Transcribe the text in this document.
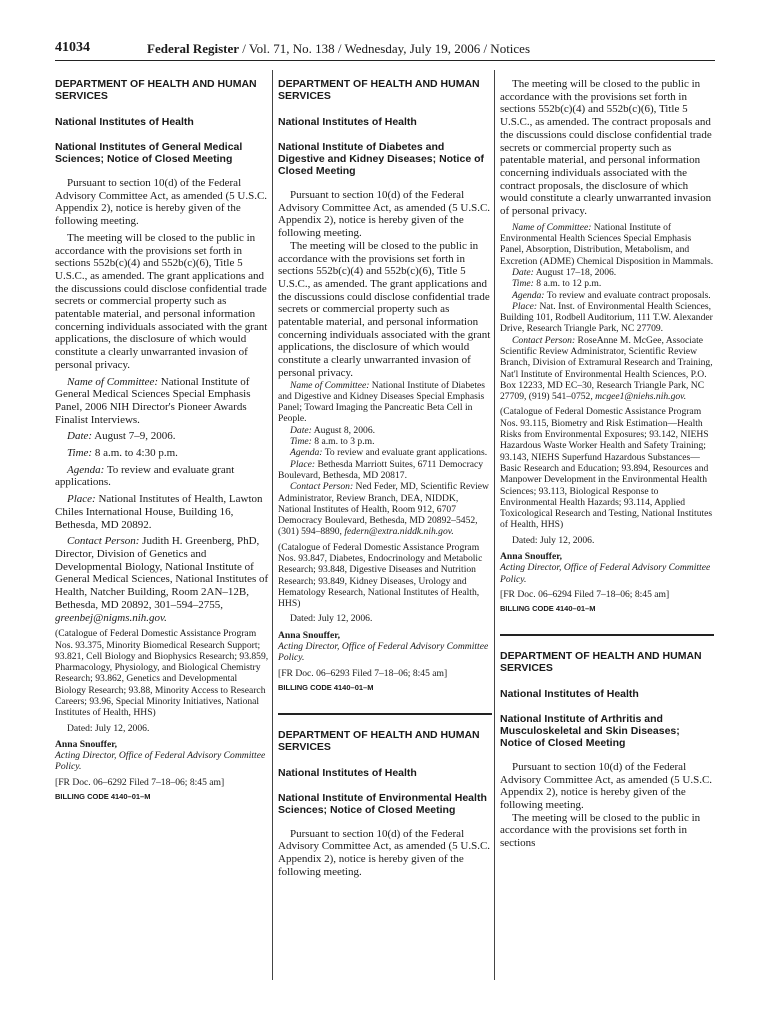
41034	Federal Register / Vol. 71, No. 138 / Wednesday, July 19, 2006 / Notices
DEPARTMENT OF HEALTH AND HUMAN SERVICES
National Institutes of Health
National Institutes of General Medical Sciences; Notice of Closed Meeting

Pursuant to section 10(d) of the Federal Advisory Committee Act, as amended (5 U.S.C. Appendix 2), notice is hereby given of the following meeting.

The meeting will be closed to the public in accordance with the provisions set forth in sections 552b(c)(4) and 552b(c)(6), Title 5 U.S.C., as amended. The grant applications and the discussions could disclose confidential trade secrets or commercial property such as patentable material, and personal information concerning individuals associated with the grant applications, the disclosure of which would constitute a clearly unwarranted invasion of personal privacy.

Name of Committee: National Institute of General Medical Sciences Special Emphasis Panel, 2006 NIH Director's Pioneer Awards Finalist Interviews.

Date: August 7–9, 2006.

Time: 8 a.m. to 4:30 p.m.

Agenda: To review and evaluate grant applications.

Place: National Institutes of Health, Lawton Chiles International House, Building 16, Bethesda, MD 20892.

Contact Person: Judith H. Greenberg, PhD, Director, Division of Genetics and Developmental Biology, National Institute of General Medical Sciences, National Institutes of Health, Natcher Building, Room 2AN–12B, Bethesda, MD 20892, 301–594–2755, greenbej@nigms.nih.gov.

(Catalogue of Federal Domestic Assistance Program Nos. 93.375, Minority Biomedical Research Support; 93.821, Cell Biology and Biophysics Research; 93.859, Pharmacology, Physiology, and Biological Chemistry Research; 93.862, Genetics and Developmental Biology Research; 93.88, Minority Access to Research Careers; 93.96, Special Minority Initiatives, National Institutes of Health, HHS)

Dated: July 12, 2006.

Anna Snouffer,

Acting Director, Office of Federal Advisory Committee Policy.

[FR Doc. 06–6292 Filed 7–18–06; 8:45 am]

BILLING CODE 4140–01–M

DEPARTMENT OF HEALTH AND HUMAN SERVICES
National Institutes of Health
National Institute of Diabetes and Digestive and Kidney Diseases; Notice of Closed Meeting

Pursuant to section 10(d) of the Federal Advisory Committee Act, as amended (5 U.S.C. Appendix 2), notice is hereby given of the following meeting.

The meeting will be closed to the public in accordance with the provisions set forth in sections 552b(c)(4) and 552b(c)(6), Title 5 U.S.C., as amended. The grant applications and the discussions could disclose confidential trade secrets or commercial property such as patentable material, and personal information concerning individuals associated with the grant applications, the disclosure of which would constitute a clearly unwarranted invasion of personal privacy.

Name of Committee: National Institute of Diabetes and Digestive and Kidney Diseases Special Emphasis Panel; Toward Imaging the Pancreatic Beta Cell in People.

Date: August 8, 2006.

Time: 8 a.m. to 3 p.m.

Agenda: To review and evaluate grant applications.

Place: Bethesda Marriott Suites, 6711 Democracy Boulevard, Bethesda, MD 20817.

Contact Person: Ned Feder, MD, Scientific Review Administrator, Review Branch, DEA, NIDDK, National Institutes of Health, Room 912, 6707 Democracy Boulevard, Bethesda, MD 20892–5452, (301) 594–8890, federn@extra.niddk.nih.gov.

(Catalogue of Federal Domestic Assistance Program Nos. 93.847, Diabetes, Endocrinology and Metabolic Research; 93.848, Digestive Diseases and Nutrition Research; 93.849, Kidney Diseases, Urology and Hematology Research, National Institutes of Health, HHS)

Dated: July 12, 2006.

Anna Snouffer,

Acting Director, Office of Federal Advisory Committee Policy.

[FR Doc. 06–6293 Filed 7–18–06; 8:45 am]

BILLING CODE 4140–01–M

DEPARTMENT OF HEALTH AND HUMAN SERVICES
National Institutes of Health
National Institute of Environmental Health Sciences; Notice of Closed Meeting

Pursuant to section 10(d) of the Federal Advisory Committee Act, as amended (5 U.S.C. Appendix 2), notice is hereby given of the following meeting.

The meeting will be closed to the public in accordance with the provisions set forth in sections 552b(c)(4) and 552b(c)(6), Title 5 U.S.C., as amended. The contract proposals and the discussions could disclose confidential trade secrets or commercial property such as patentable material, and personal information concerning individuals associated with the contract proposals, the disclosure of which would constitute a clearly unwarranted invasion of personal privacy.

Name of Committee: National Institute of Environmental Health Sciences Special Emphasis Panel, Absorption, Distribution, Metabolism, and Excretion (ADME) Chemical Disposition in Mammals.

Date: August 17–18, 2006.

Time: 8 a.m. to 12 p.m.

Agenda: To review and evaluate contract proposals.

Place: Nat. Inst. of Environmental Health Sciences, Building 101, Rodbell Auditorium, 111 T.W. Alexander Drive, Research Triangle Park, NC 27709.

Contact Person: RoseAnne M. McGee, Associate Scientific Review Administrator, Scientific Review Branch, Division of Extramural Research and Training, Nat'l Institute of Environmental Health Sciences, P.O. Box 12233, MD EC–30, Research Triangle Park, NC 27709, (919) 541–0752, mcgee1@niehs.nih.gov.

(Catalogue of Federal Domestic Assistance Program Nos. 93.115, Biometry and Risk Estimation—Health Risks from Environmental Exposures; 93.142, NIEHS Hazardous Waste Worker Health and Safety Training; 93.143, NIEHS Superfund Hazardous Substances—Basic Research and Education; 93.894, Resources and Manpower Development in the Environmental Health Sciences; 93.113, Biological Response to Environmental Health Hazards; 93.114, Applied Toxicological Research and Testing, National Institutes of Health, HHS)

Dated: July 12, 2006.

Anna Snouffer,

Acting Director, Office of Federal Advisory Committee Policy.

[FR Doc. 06–6294 Filed 7–18–06; 8:45 am]

BILLING CODE 4140–01–M

DEPARTMENT OF HEALTH AND HUMAN SERVICES
National Institutes of Health
National Institute of Arthritis and Musculoskeletal and Skin Diseases; Notice of Closed Meeting

Pursuant to section 10(d) of the Federal Advisory Committee Act, as amended (5 U.S.C. Appendix 2), notice is hereby given of the following meeting.

The meeting will be closed to the public in accordance with the provisions set forth in sections
